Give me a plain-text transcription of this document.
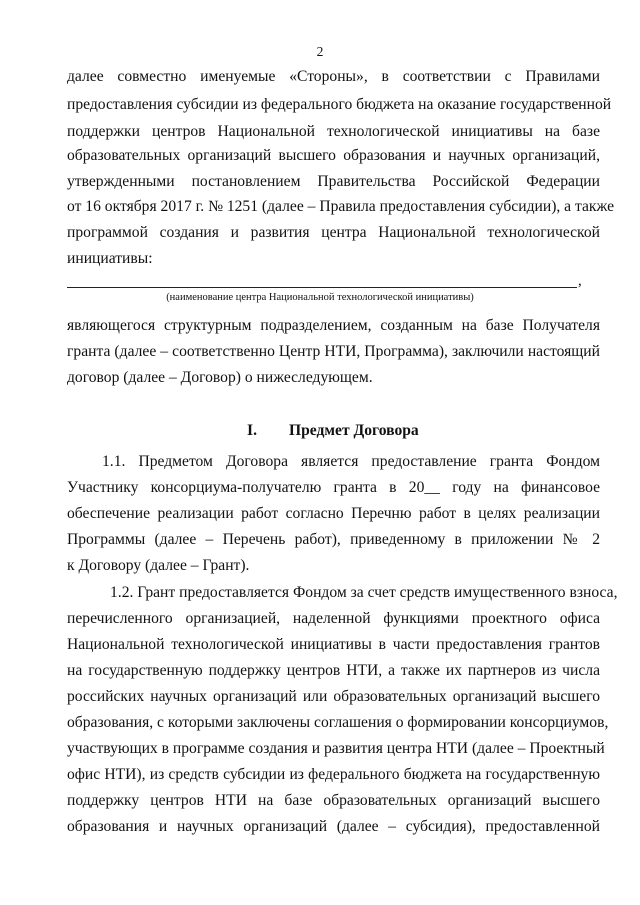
2
далее совместно именуемые «Стороны», в соответствии с Правилами
предоставления субсидии из федерального бюджета на оказание государственной
поддержки центров Национальной технологической инициативы на базе
образовательных организаций высшего образования и научных организаций,
утвержденными постановлением Правительства Российской Федерации
от 16 октября 2017 г. № 1251 (далее – Правила предоставления субсидии), а также
программой создания и развития центра Национальной технологической
инициативы:
,
(наименование центра Национальной технологической инициативы)
являющегося структурным подразделением, созданным на базе Получателя
гранта (далее – соответственно Центр НТИ, Программа), заключили настоящий
договор (далее – Договор) о нижеследующем.
I. Предмет Договора
1.1. Предметом Договора является предоставление гранта Фондом
Участнику консорциума-получателю гранта в 20__ году на финансовое
обеспечение реализации работ согласно Перечню работ в целях реализации
Программы (далее – Перечень работ), приведенному в приложении № 2
к Договору (далее – Грант).
1.2. Грант предоставляется Фондом за счет средств имущественного взноса,
перечисленного организацией, наделенной функциями проектного офиса
Национальной технологической инициативы в части предоставления грантов
на государственную поддержку центров НТИ, а также их партнеров из числа
российских научных организаций или образовательных организаций высшего
образования, с которыми заключены соглашения о формировании консорциумов,
участвующих в программе создания и развития центра НТИ (далее – Проектный
офис НТИ), из средств субсидии из федерального бюджета на государственную
поддержку центров НТИ на базе образовательных организаций высшего
образования и научных организаций (далее – субсидия), предоставленной
